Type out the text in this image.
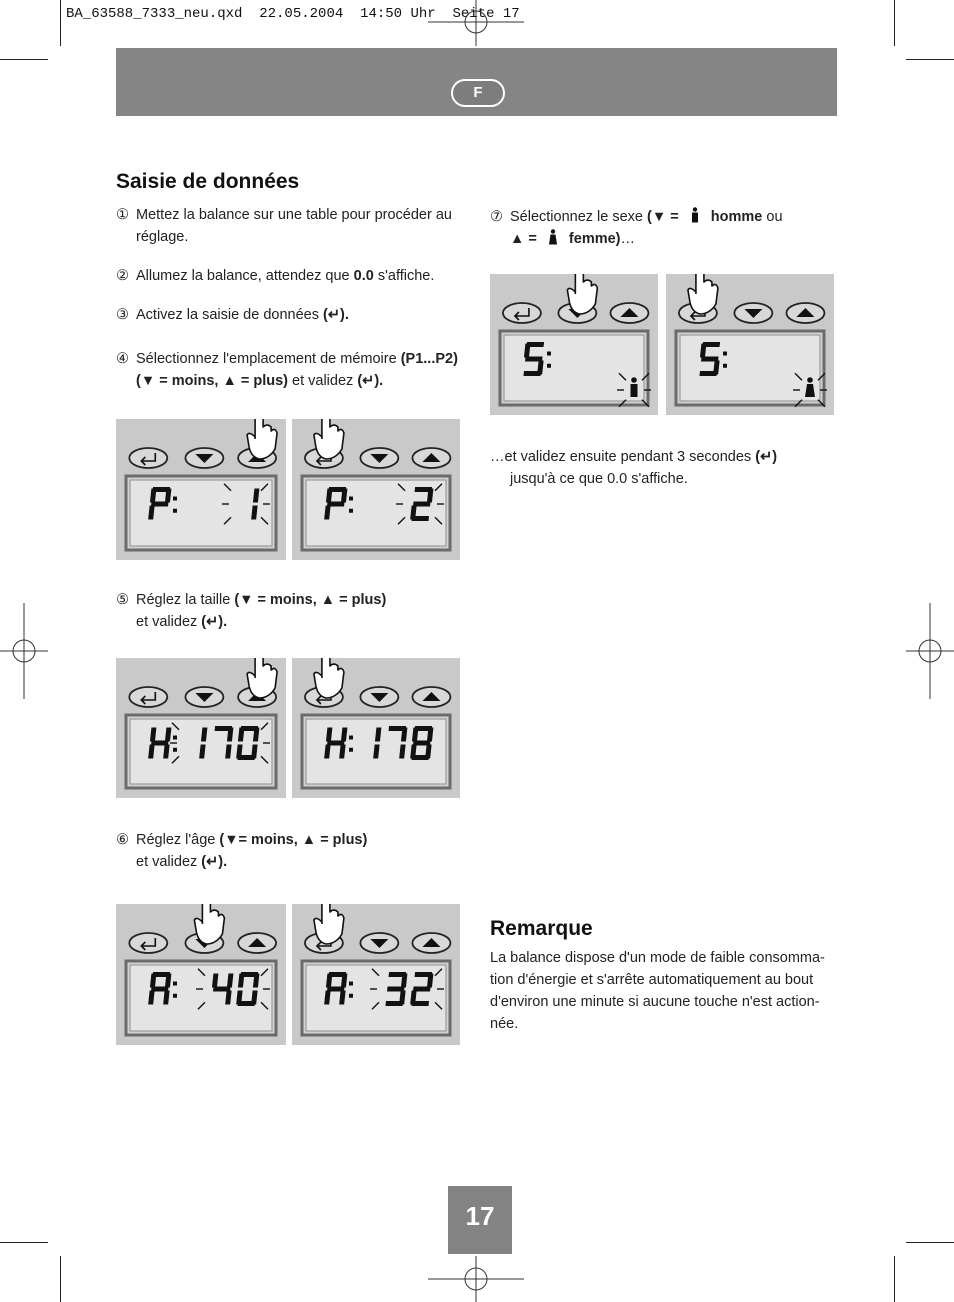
BA_63588_7333_neu.qxd  22.05.2004  14:50 Uhr  Seite 17
F
Saisie de données
① Mettez la balance sur une table pour procéder au
réglage.
② Allumez la balance, attendez que 0.0 s'affiche.
③ Activez la saisie de données (↵).
④ Sélectionnez l'emplacement de mémoire (P1...P2)
(▼ = moins, ▲ = plus) et validez (↵).
⑤ Réglez la taille (▼ = moins, ▲ = plus)
et validez (↵).
⑥ Réglez l'âge (▼= moins, ▲ = plus)
et validez (↵).
⑦ Sélectionnez le sexe (▼ =  homme ou
▲ =  femme)…
…et validez ensuite pendant 3 secondes (↵)
jusqu'à ce que 0.0 s'affiche.
Remarque
La balance dispose d'un mode de faible consomma-tion d'énergie et s'arrête automatiquement au bout d'environ une minute si aucune touche n'est action-née.
17
